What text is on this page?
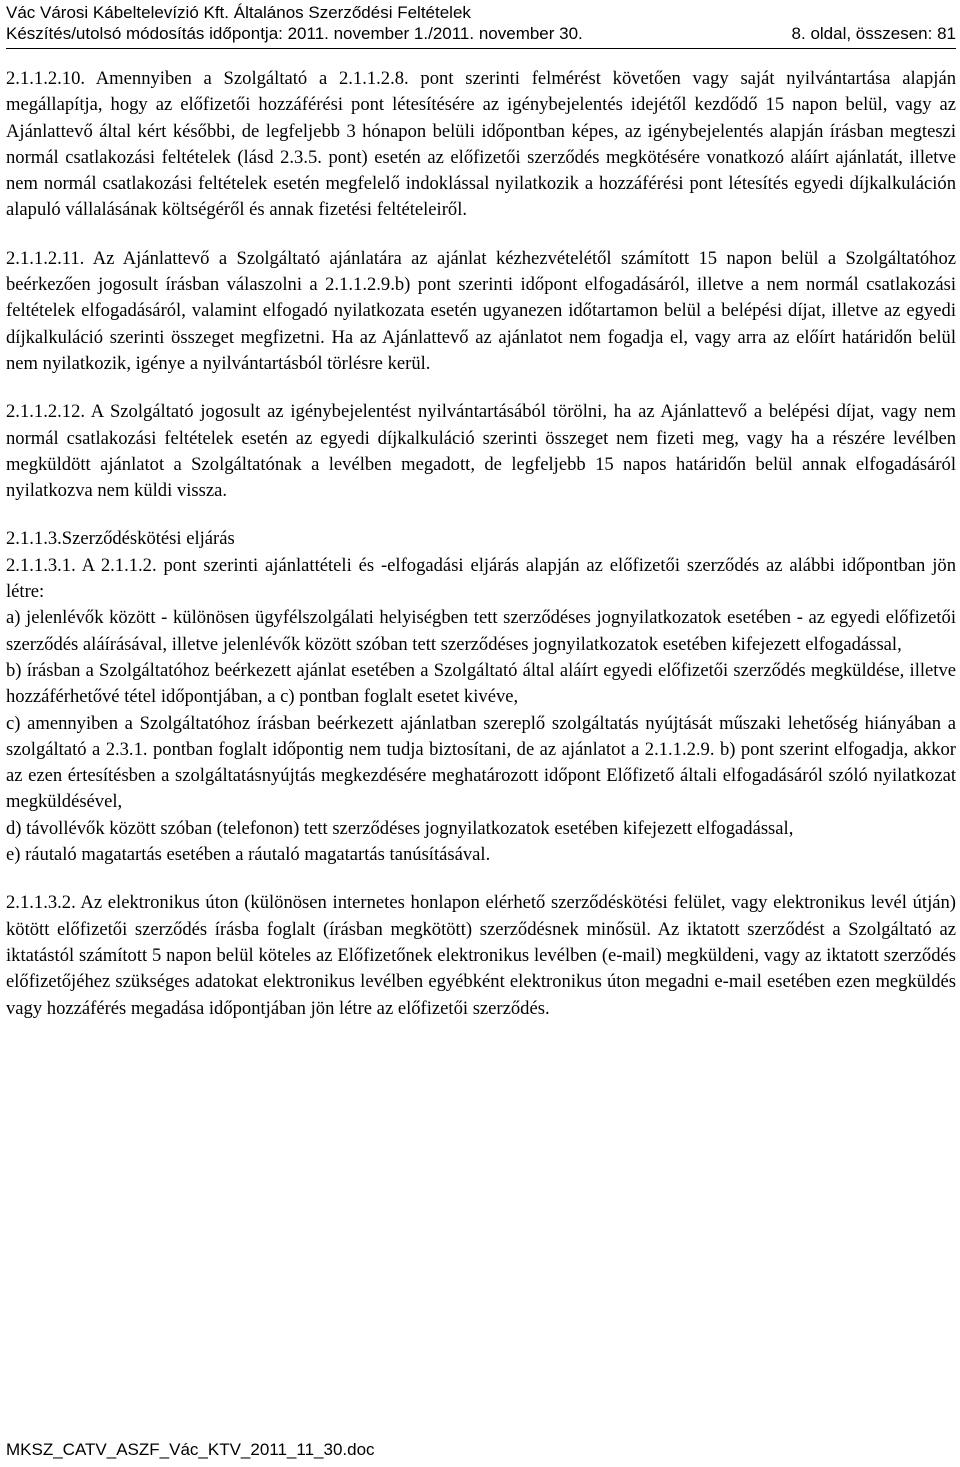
Vác Városi Kábeltelevízió Kft. Általános Szerződési Feltételek
Készítés/utolsó módosítás időpontja: 2011. november 1./2011. november 30.	8. oldal, összesen: 81

2.1.1.2.10. Amennyiben a Szolgáltató a 2.1.1.2.8. pont szerinti felmérést követően vagy saját nyilvántartása alapján megállapítja, hogy az előfizetői hozzáférési pont létesítésére az igénybejelentés idejétől kezdődő 15 napon belül, vagy az Ajánlattevő által kért későbbi, de legfeljebb 3 hónapon belüli időpontban képes, az igénybejelentés alapján írásban megteszi normál csatlakozási feltételek (lásd 2.3.5. pont) esetén az előfizetői szerződés megkötésére vonatkozó aláírt ajánlatát, illetve nem normál csatlakozási feltételek esetén megfelelő indoklással nyilatkozik a hozzáférési pont létesítés egyedi díjkalkuláción alapuló vállalásának költségéről és annak fizetési feltételeiről.

2.1.1.2.11. Az Ajánlattevő a Szolgáltató ajánlatára az ajánlat kézhezvételétől számított 15 napon belül a Szolgáltatóhoz beérkezően jogosult írásban válaszolni a 2.1.1.2.9.b) pont szerinti időpont elfogadásáról, illetve a nem normál csatlakozási feltételek elfogadásáról, valamint elfogadó nyilatkozata esetén ugyanezen időtartamon belül a belépési díjat, illetve az egyedi díjkalkuláció szerinti összeget megfizetni. Ha az Ajánlattevő az ajánlatot nem fogadja el, vagy arra az előírt határidőn belül nem nyilatkozik, igénye a nyilvántartásból törlésre kerül.

2.1.1.2.12. A Szolgáltató jogosult az igénybejelentést nyilvántartásából törölni, ha az Ajánlattevő a belépési díjat, vagy nem normál csatlakozási feltételek esetén az egyedi díjkalkuláció szerinti összeget nem fizeti meg, vagy ha a részére levélben megküldött ajánlatot a Szolgáltatónak a levélben megadott, de legfeljebb 15 napos határidőn belül annak elfogadásáról nyilatkozva nem küldi vissza.

2.1.1.3.Szerződéskötési eljárás

2.1.1.3.1. A 2.1.1.2. pont szerinti ajánlattételi és -elfogadási eljárás alapján az előfizetői szerződés az alábbi időpontban jön létre:

a) jelenlévők között - különösen ügyfélszolgálati helyiségben tett szerződéses jognyilatkozatok esetében - az egyedi előfizetői szerződés aláírásával, illetve jelenlévők között szóban tett szerződéses jognyilatkozatok esetében kifejezett elfogadással,

b) írásban a Szolgáltatóhoz beérkezett ajánlat esetében a Szolgáltató által aláírt egyedi előfizetői szerződés megküldése, illetve hozzáférhetővé tétel időpontjában, a c) pontban foglalt esetet kivéve,

c) amennyiben a Szolgáltatóhoz írásban beérkezett ajánlatban szereplő szolgáltatás nyújtását műszaki lehetőség hiányában a szolgáltató a 2.3.1. pontban foglalt időpontig nem tudja biztosítani, de az ajánlatot a 2.1.1.2.9. b) pont szerint elfogadja, akkor az ezen értesítésben a szolgáltatásnyújtás megkezdésére meghatározott időpont Előfizető általi elfogadásáról szóló nyilatkozat megküldésével,

d) távollévők között szóban (telefonon) tett szerződéses jognyilatkozatok esetében kifejezett elfogadással,

e) ráutaló magatartás esetében a ráutaló magatartás tanúsításával.

2.1.1.3.2. Az elektronikus úton (különösen internetes honlapon elérhető szerződéskötési felület, vagy elektronikus levél útján) kötött előfizetői szerződés írásba foglalt (írásban megkötött) szerződésnek minősül. Az iktatott szerződést a Szolgáltató az iktatástól számított 5 napon belül köteles az Előfizetőnek elektronikus levélben (e-mail) megküldeni, vagy az iktatott szerződés előfizetőjéhez szükséges adatokat elektronikus levélben egyébként elektronikus úton megadni e-mail esetében ezen megküldés vagy hozzáférés megadása időpontjában jön létre az előfizetői szerződés.

MKSZ_CATV_ASZF_Vác_KTV_2011_11_30.doc
